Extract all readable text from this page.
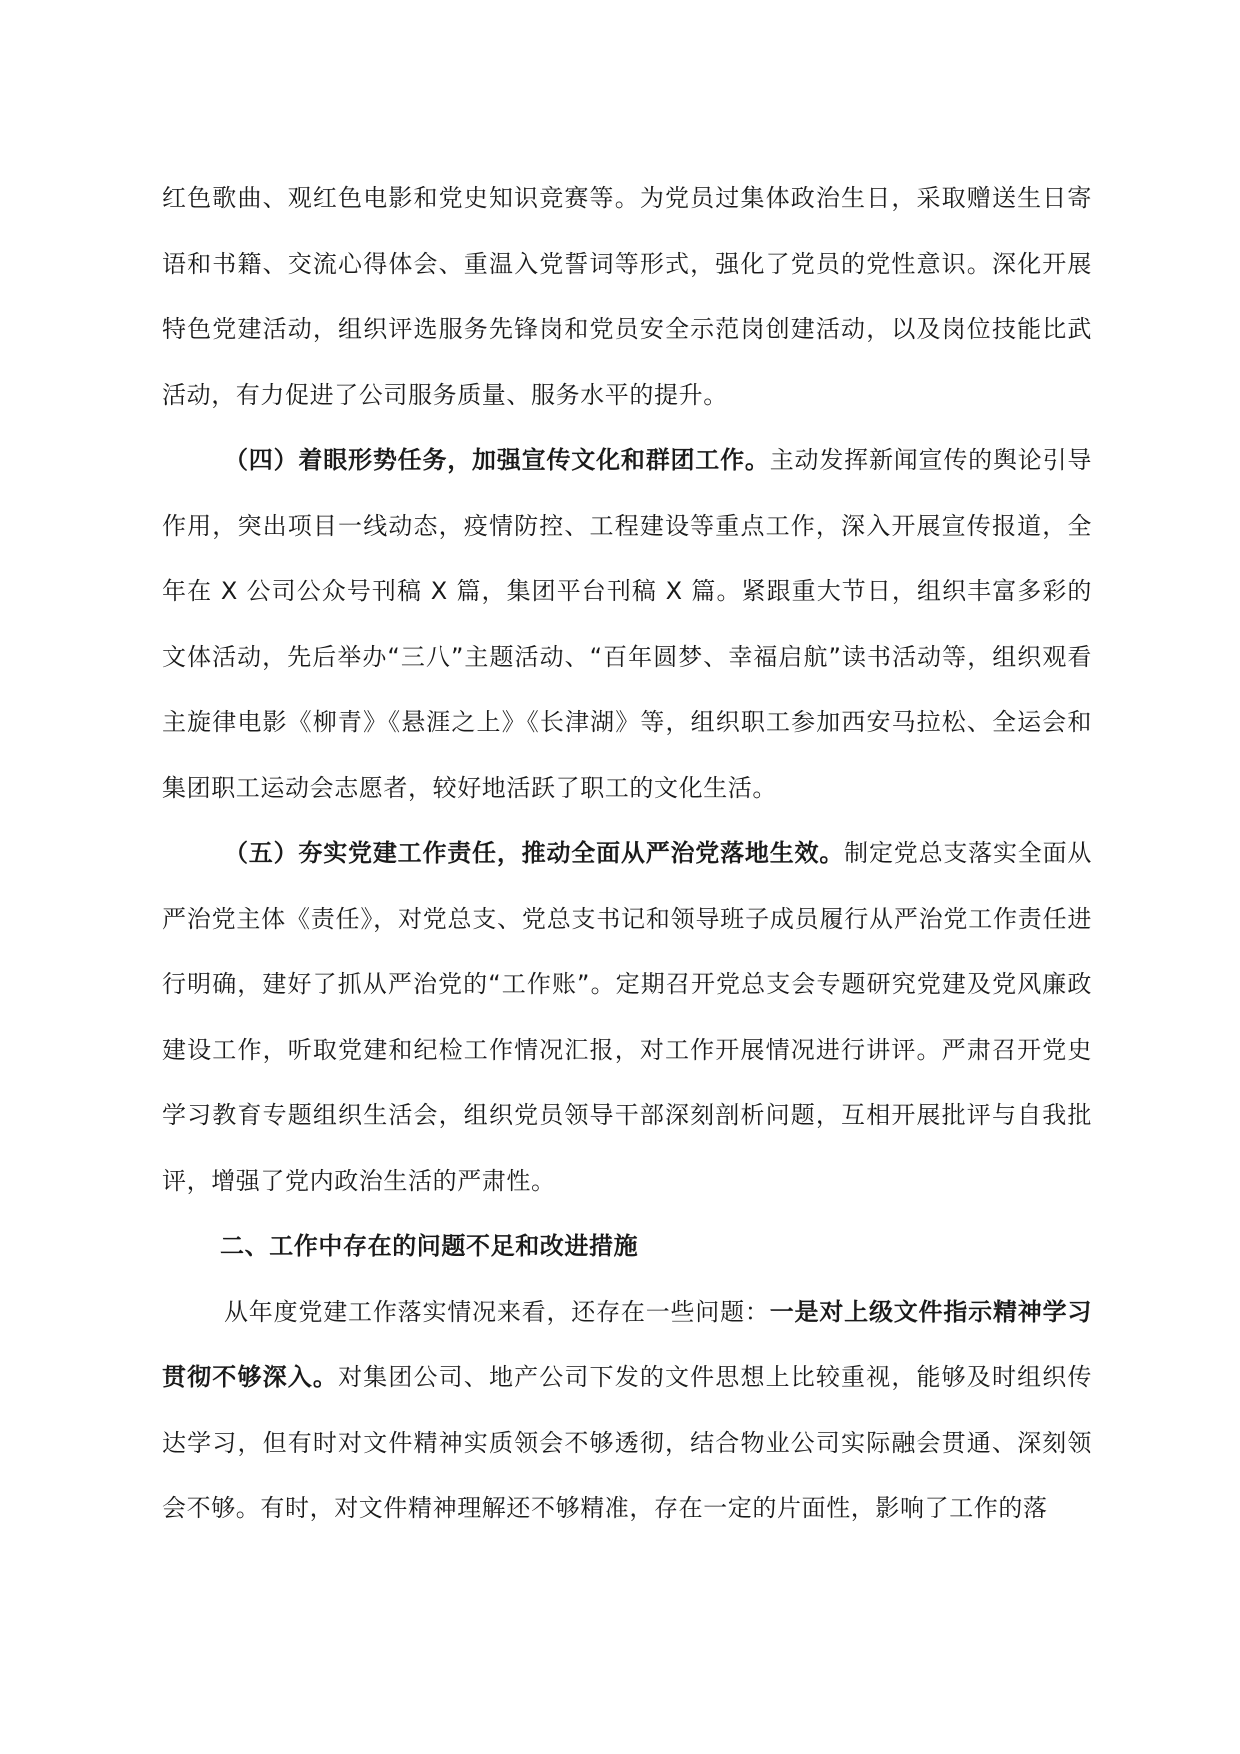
红色歌曲、观红色电影和党史知识竞赛等。为党员过集体政治生日，采取赠送生日寄语和书籍、交流心得体会、重温入党誓词等形式，强化了党员的党性意识。深化开展特色党建活动，组织评选服务先锋岗和党员安全示范岗创建活动，以及岗位技能比武活动，有力促进了公司服务质量、服务水平的提升。

（四）着眼形势任务，加强宣传文化和群团工作。主动发挥新闻宣传的舆论引导作用，突出项目一线动态，疫情防控、工程建设等重点工作，深入开展宣传报道，全年在 X 公司公众号刊稿 X 篇，集团平台刊稿 X 篇。紧跟重大节日，组织丰富多彩的文体活动，先后举办“三八”主题活动、“百年圆梦、幸福启航”读书活动等，组织观看主旋律电影《柳青》《悬涯之上》《长津湖》等，组织职工参加西安马拉松、全运会和集团职工运动会志愿者，较好地活跃了职工的文化生活。

（五）夯实党建工作责任，推动全面从严治党落地生效。制定党总支落实全面从严治党主体《责任》，对党总支、党总支书记和领导班子成员履行从严治党工作责任进行明确，建好了抓从严治党的“工作账”。定期召开党总支会专题研究党建及党风廉政建设工作，听取党建和纪检工作情况汇报，对工作开展情况进行讲评。严肃召开党史学习教育专题组织生活会，组织党员领导干部深刻剖析问题，互相开展批评与自我批评，增强了党内政治生活的严肃性。

二、工作中存在的问题不足和改进措施

从年度党建工作落实情况来看，还存在一些问题：一是对上级文件指示精神学习贯彻不够深入。对集团公司、地产公司下发的文件思想上比较重视，能够及时组织传达学习，但有时对文件精神实质领会不够透彻，结合物业公司实际融会贯通、深刻领会不够。有时，对文件精神理解还不够精准，存在一定的片面性，影响了工作的落
